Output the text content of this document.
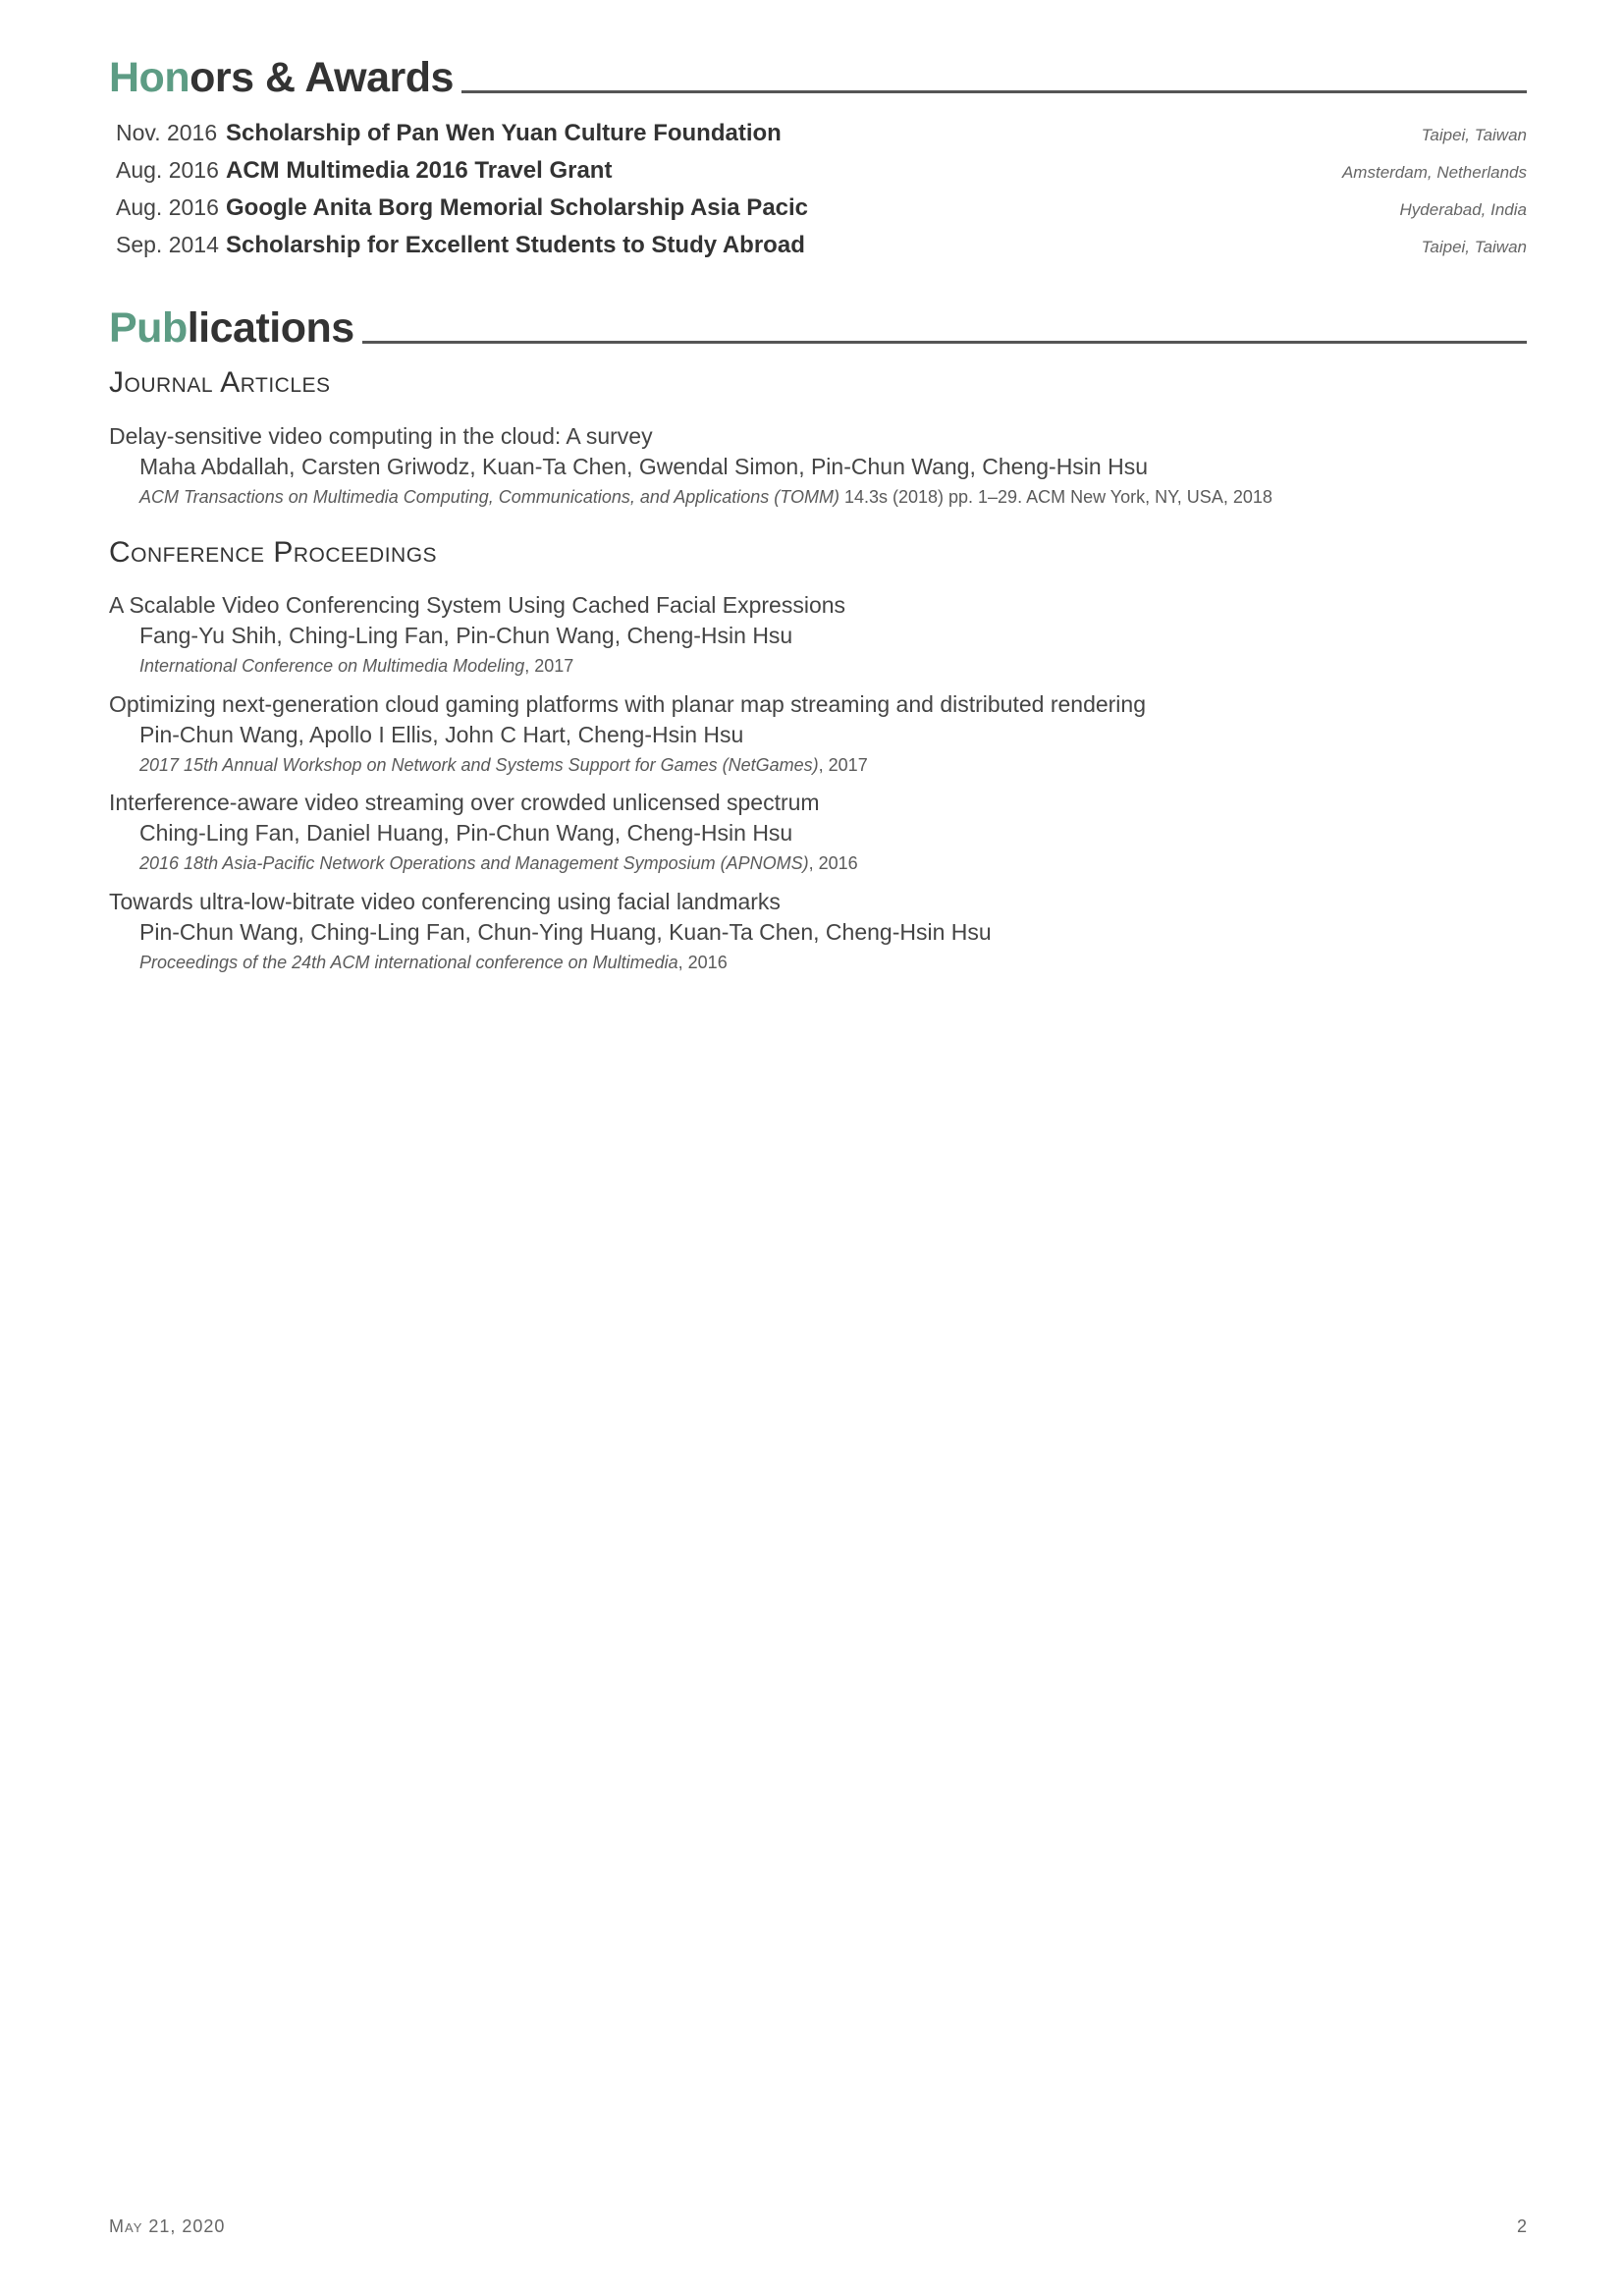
Honors & Awards
Nov. 2016 Scholarship of Pan Wen Yuan Culture Foundation	Taipei, Taiwan
Aug. 2016 ACM Multimedia 2016 Travel Grant	Amsterdam, Netherlands
Aug. 2016 Google Anita Borg Memorial Scholarship Asia Pacic	Hyderabad, India
Sep. 2014 Scholarship for Excellent Students to Study Abroad	Taipei, Taiwan
Publications
Journal Articles
Delay-sensitive video computing in the cloud: A survey
Maha Abdallah, Carsten Griwodz, Kuan-Ta Chen, Gwendal Simon, Pin-Chun Wang, Cheng-Hsin Hsu
ACM Transactions on Multimedia Computing, Communications, and Applications (TOMM) 14.3s (2018) pp. 1–29. ACM New York, NY, USA, 2018
Conference Proceedings
A Scalable Video Conferencing System Using Cached Facial Expressions
Fang-Yu Shih, Ching-Ling Fan, Pin-Chun Wang, Cheng-Hsin Hsu
International Conference on Multimedia Modeling, 2017
Optimizing next-generation cloud gaming platforms with planar map streaming and distributed rendering
Pin-Chun Wang, Apollo I Ellis, John C Hart, Cheng-Hsin Hsu
2017 15th Annual Workshop on Network and Systems Support for Games (NetGames), 2017
Interference-aware video streaming over crowded unlicensed spectrum
Ching-Ling Fan, Daniel Huang, Pin-Chun Wang, Cheng-Hsin Hsu
2016 18th Asia-Pacific Network Operations and Management Symposium (APNOMS), 2016
Towards ultra-low-bitrate video conferencing using facial landmarks
Pin-Chun Wang, Ching-Ling Fan, Chun-Ying Huang, Kuan-Ta Chen, Cheng-Hsin Hsu
Proceedings of the 24th ACM international conference on Multimedia, 2016
May 21, 2020	2
